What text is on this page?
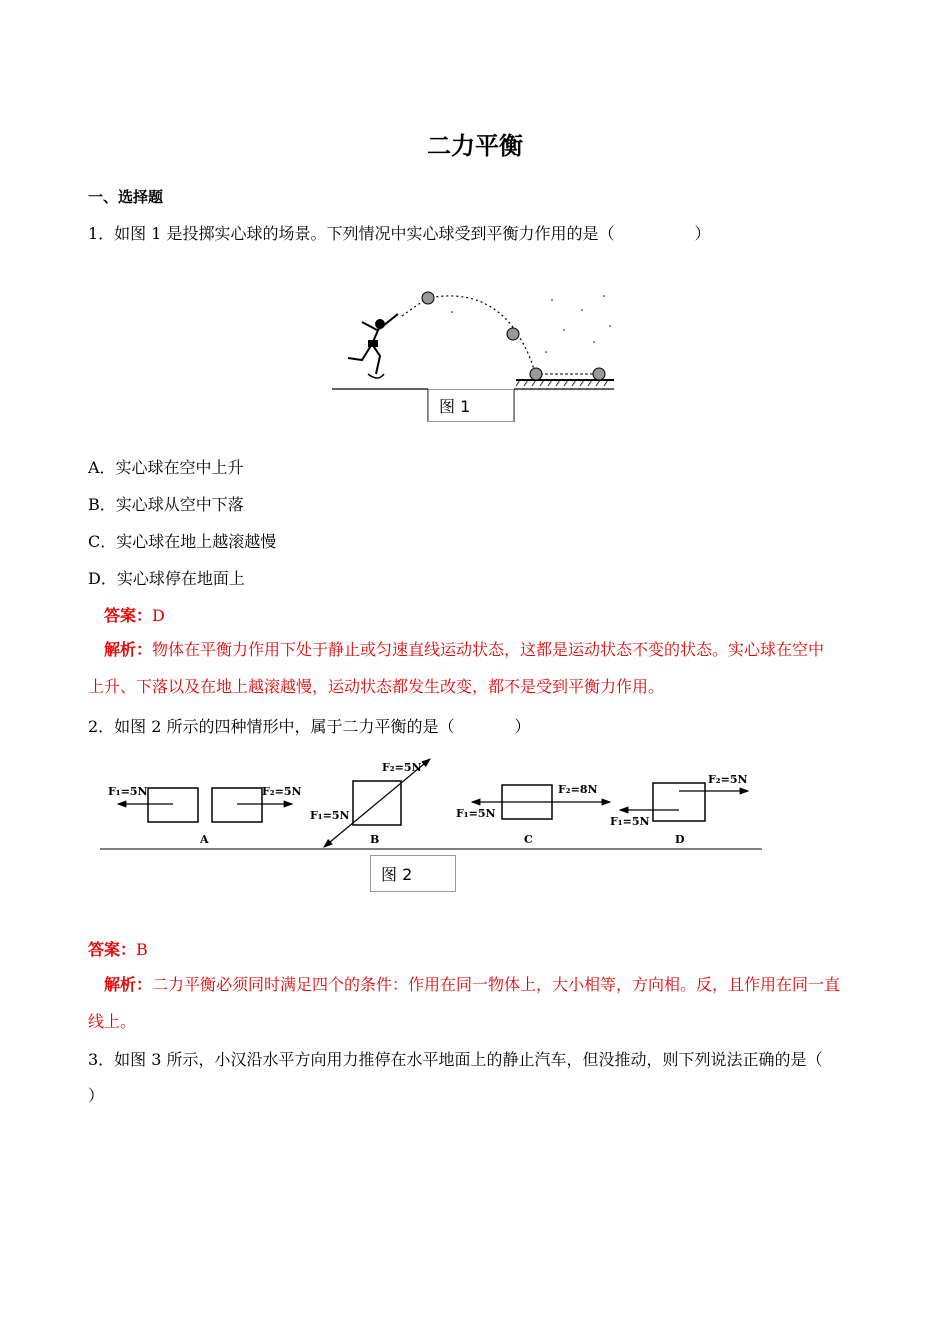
二力平衡
一、选择题
1．如图 1 是投掷实心球的场景。下列情况中实心球受到平衡力作用的是（	）
图 1
A．实心球在空中上升
B．实心球从空中下落
C．实心球在地上越滚越慢
D．实心球停在地面上
答案：D
解析：物体在平衡力作用下处于静止或匀速直线运动状态，这都是运动状态不变的状态。实心球在空中
上升、下落以及在地上越滚越慢，运动状态都发生改变，都不是受到平衡力作用。
2．如图 2 所示的四种情形中，属于二力平衡的是（	）
F₁=5N	F₂=5N
A
F₂=5N
F₁=5N
B
F₂=8N
F₁=5N
C
F₂=5N
F₁=5N
D
图 2
答案：B
解析：二力平衡必须同时满足四个的条件：作用在同一物体上，大小相等，方向相。反，且作用在同一直
线上。
3．如图 3 所示，小汉沿水平方向用力推停在水平地面上的静止汽车，但没推动，则下列说法正确的是（
）
